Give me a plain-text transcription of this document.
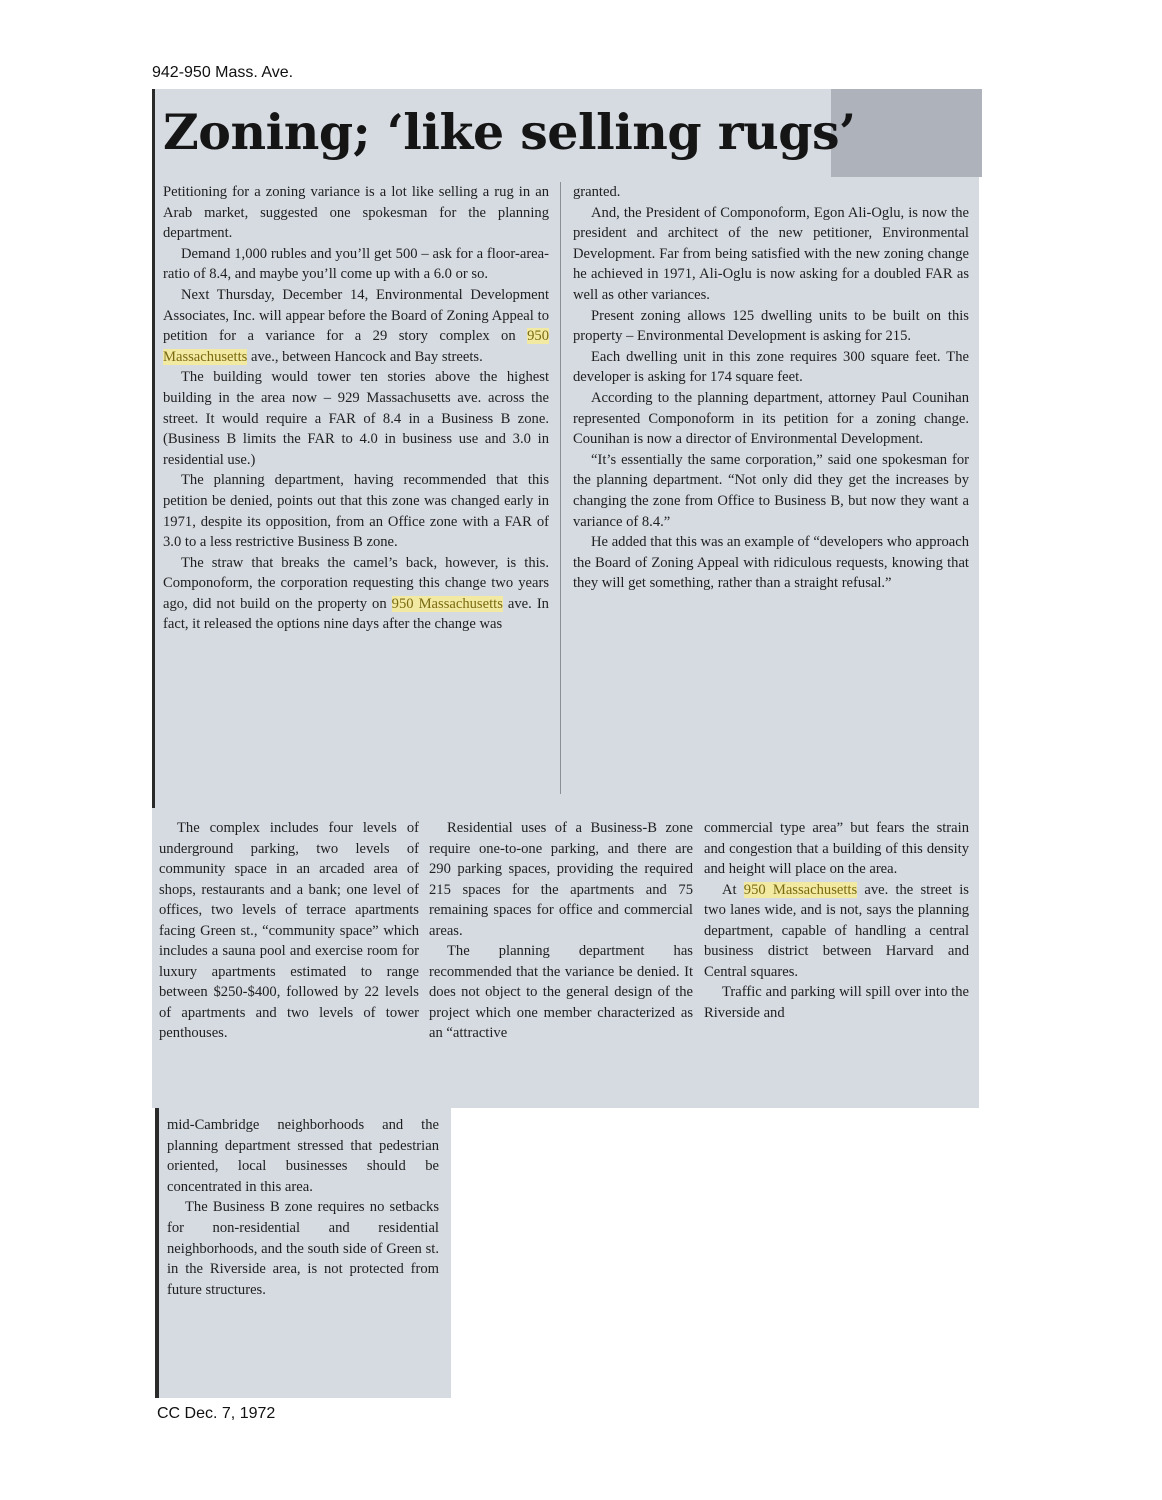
942-950 Mass. Ave.
Zoning; ‘like selling rugs’

Petitioning for a zoning variance is a lot like selling a rug in an Arab market, suggested one spokesman for the planning department.

Demand 1,000 rubles and you’ll get 500 – ask for a floor-area-ratio of 8.4, and maybe you’ll come up with a 6.0 or so.

Next Thursday, December 14, Environmental Development Associates, Inc. will appear before the Board of Zoning Appeal to petition for a variance for a 29 story complex on 950 Massachusetts ave., between Hancock and Bay streets.

The building would tower ten stories above the highest building in the area now – 929 Massachusetts ave. across the street. It would require a FAR of 8.4 in a Business B zone. (Business B limits the FAR to 4.0 in business use and 3.0 in residential use.)

The planning department, having recommended that this petition be denied, points out that this zone was changed early in 1971, despite its opposition, from an Office zone with a FAR of 3.0 to a less restrictive Business B zone.

The straw that breaks the camel’s back, however, is this. Componoform, the corporation requesting this change two years ago, did not build on the property on 950 Massachusetts ave. In fact, it released the options nine days after the change was

granted.

And, the President of Componoform, Egon Ali-Oglu, is now the president and architect of the new petitioner, Environmental Development. Far from being satisfied with the new zoning change he achieved in 1971, Ali-Oglu is now asking for a doubled FAR as well as other variances.

Present zoning allows 125 dwelling units to be built on this property – Environmental Development is asking for 215.

Each dwelling unit in this zone requires 300 square feet. The developer is asking for 174 square feet.

According to the planning department, attorney Paul Counihan represented Componoform in its petition for a zoning change. Counihan is now a director of Environmental Development.

“It’s essentially the same corporation,” said one spokesman for the planning department. “Not only did they get the increases by changing the zone from Office to Business B, but now they want a variance of 8.4.”

He added that this was an example of “developers who approach the Board of Zoning Appeal with ridiculous requests, knowing that they will get something, rather than a straight refusal.”

The complex includes four levels of underground parking, two levels of community space in an arcaded area of shops, restaurants and a bank; one level of offices, two levels of terrace apartments facing Green st., “community space” which includes a sauna pool and exercise room for luxury apartments estimated to range between $250-$400, followed by 22 levels of apartments and two levels of tower penthouses.

Residential uses of a Business-B zone require one-to-one parking, and there are 290 parking spaces, providing the required 215 spaces for the apartments and 75 remaining spaces for office and commercial areas.

The planning department has recommended that the variance be denied. It does not object to the general design of the project which one member characterized as an “attractive

commercial type area” but fears the strain and congestion that a building of this density and height will place on the area.

At 950 Massachusetts ave. the street is two lanes wide, and is not, says the planning department, capable of handling a central business district between Harvard and Central squares.

Traffic and parking will spill over into the Riverside and

mid-Cambridge neighborhoods and the planning department stressed that pedestrian oriented, local businesses should be concentrated in this area.

The Business B zone requires no setbacks for non-residential and residential neighborhoods, and the south side of Green st. in the Riverside area, is not protected from future structures.

CC Dec. 7, 1972
